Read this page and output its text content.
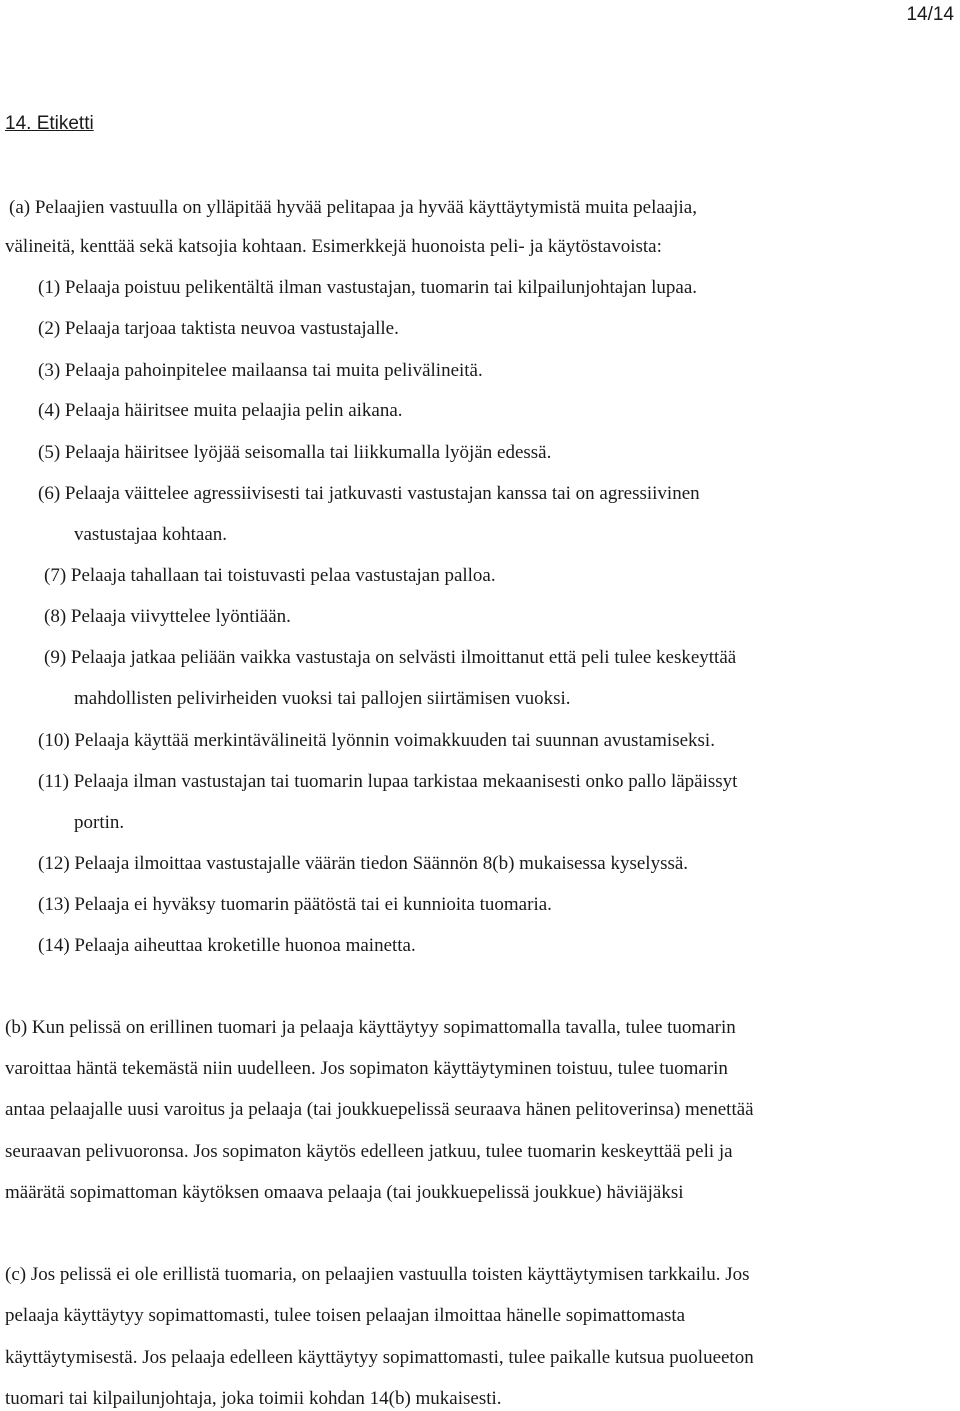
14/14
14. Etiketti
(a) Pelaajien vastuulla on ylläpitää hyvää pelitapaa ja hyvää käyttäytymistä muita pelaajia,
välineitä, kenttää sekä katsojia kohtaan. Esimerkkejä huonoista peli- ja käytöstavoista:
(1) Pelaaja poistuu pelikentältä ilman vastustajan, tuomarin tai kilpailunjohtajan lupaa.
(2) Pelaaja tarjoaa taktista neuvoa vastustajalle.
(3) Pelaaja pahoinpitelee mailaansa tai muita pelivälineitä.
(4) Pelaaja häiritsee muita pelaajia pelin aikana.
(5) Pelaaja häiritsee lyöjää seisomalla tai liikkumalla lyöjän edessä.
(6) Pelaaja väittelee agressiivisesti tai jatkuvasti vastustajan kanssa tai on agressiivinen
vastustajaa kohtaan.
(7) Pelaaja tahallaan tai toistuvasti pelaa vastustajan palloa.
(8) Pelaaja viivyttelee lyöntiään.
(9) Pelaaja jatkaa peliään vaikka vastustaja on selvästi ilmoittanut että peli tulee keskeyttää
mahdollisten pelivirheiden vuoksi tai pallojen siirtämisen vuoksi.
(10) Pelaaja käyttää merkintävälineitä lyönnin voimakkuuden tai suunnan avustamiseksi.
(11) Pelaaja ilman vastustajan tai tuomarin lupaa tarkistaa mekaanisesti onko pallo läpäissyt
portin.
(12) Pelaaja ilmoittaa vastustajalle väärän tiedon Säännön 8(b) mukaisessa kyselyssä.
(13) Pelaaja ei hyväksy tuomarin päätöstä tai ei kunnioita tuomaria.
(14) Pelaaja aiheuttaa kroketille huonoa mainetta.
(b) Kun pelissä on erillinen tuomari ja pelaaja käyttäytyy sopimattomalla tavalla, tulee tuomarin
varoittaa häntä tekemästä niin uudelleen. Jos sopimaton käyttäytyminen toistuu, tulee tuomarin
antaa pelaajalle uusi varoitus ja pelaaja (tai joukkuepelissä seuraava hänen pelitoverinsa) menettää
seuraavan pelivuoronsa. Jos sopimaton käytös edelleen jatkuu, tulee tuomarin keskeyttää peli ja
määrätä sopimattoman käytöksen omaava pelaaja (tai joukkuepelissä joukkue) häviäjäksi
(c) Jos pelissä ei ole erillistä tuomaria, on pelaajien vastuulla toisten käyttäytymisen tarkkailu. Jos
pelaaja käyttäytyy sopimattomasti, tulee toisen pelaajan ilmoittaa hänelle sopimattomasta
käyttäytymisestä. Jos pelaaja edelleen käyttäytyy sopimattomasti, tulee paikalle kutsua puolueeton
tuomari tai kilpailunjohtaja, joka toimii kohdan 14(b) mukaisesti.
